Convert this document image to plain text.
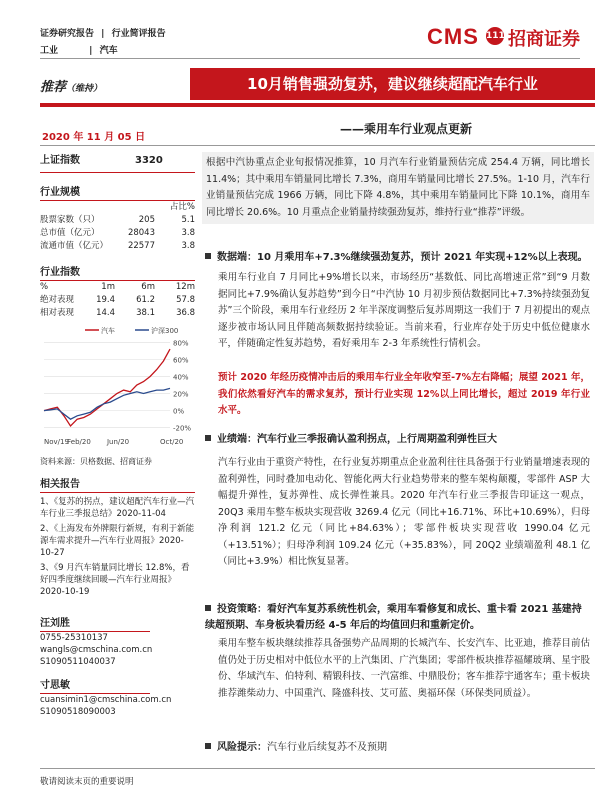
证券研究报告 | 行业简评报告
工业	| 汽车
CMS 111 招商证券
推荐（维持）	10月销售强劲复苏，建议继续超配汽车行业
2020 年 11 月 05 日
——乘用车行业观点更新
上证指数	3320
行业规模
占比%
股票家数（只）	205	5.1
总市值（亿元）	28043	3.8
流通市值（亿元）	22577	3.8
行业指数
%	1m	6m	12m
绝对表现	19.4	61.2	57.8
相对表现	14.4	38.1	36.8
80%
60%
40%
20%
0%
-20%
Nov/19
Feb/20 Jun/20	Oct/20
汽车	沪深300
资料来源：贝格数据、招商证券
相关报告
1、《复苏的拐点，建议超配汽车行业—汽车行业三季报总结》2020-11-04
2、《上海发布外牌限行新规，有利于新能源车需求提升—汽车行业周报》2020-10-27
3、《9 月汽车销量同比增长 12.8%，看好四季度继续回暖—汽车行业周报》2020-10-19
汪刘胜
0755-25310137
wangls@cmschina.com.cn
S1090511040037
寸思敏
cuansimin1@cmschina.com.cn
S1090518090003
根据中汽协重点企业旬报情况推算，10 月汽车行业销量预估完成 254.4 万辆，同比增长 11.4%；其中乘用车销量同比增长 7.3%，商用车销量同比增长 27.5%。1-10 月，汽车行业销量预估完成 1966 万辆，同比下降 4.8%，其中乘用车销量同比下降 10.1%，商用车同比增长 20.6%。10 月重点企业销量持续强劲复苏，维持行业“推荐”评级。
数据端：10 月乘用车+7.3%继续强劲复苏，预计 2021 年实现+12%以上表现。
乘用车行业自 7 月同比+9%增长以来，市场经历“基数低、同比高增速正常”到“9 月数据同比+7.9%确认复苏趋势”到今日“中汽协 10 月初步预估数据同比+7.3%持续强劲复苏”三个阶段，乘用车行业经历 2 年半深度调整后复苏周期这一我们于 7 月初提出的观点逐步被市场认同且伴随高频数据持续验证。当前来看，行业库存处于历史中低位健康水平，伴随确定性复苏趋势，看好乘用车 2-3 年系统性行情机会。
预计 2020 年经历疫情冲击后的乘用车行业全年收窄至-7%左右降幅；展望 2021 年，我们依然看好汽车的需求复苏，预计行业实现 12%以上同比增长，超过 2019 年行业水平。
业绩端：汽车行业三季报确认盈利拐点，上行周期盈利弹性巨大
汽车行业由于重资产特性，在行业复苏期重点企业盈利往往具备强于行业销量增速表现的盈利弹性，同时叠加电动化、智能化两大行业趋势带来的整车架构颠覆，零部件 ASP 大幅提升弹性，复苏弹性、成长弹性兼具。2020 年汽车行业三季报告印证这一观点，20Q3 乘用车整车板块实现营收 3269.4 亿元（同比+16.71%、环比+10.69%），归母净利润 121.2 亿元（同比+84.63%）；零部件板块实现营收 1990.04 亿元（+13.51%）；归母净利润 109.24 亿元（+35.83%），同 20Q2 业绩端盈利 48.1 亿（同比+3.9%）相比恢复显著。
投资策略：看好汽车复苏系统性机会，乘用车看修复和成长、重卡看 2021 基建持续超预期、车身板块看历经 4-5 年后的均值回归和重新定价。
乘用车整车板块继续推荐具备强势产品周期的长城汽车、长安汽车、比亚迪，推荐目前估值仍处于历史相对中低位水平的上汽集团、广汽集团；零部件板块推荐福耀玻璃、星宇股份、华域汽车、伯特利、精锻科技、一汽富维、中鼎股份；客车推荐宇通客车；重卡板块推荐潍柴动力、中国重汽、隆盛科技、艾可蓝、奥福环保（环保类同质益）。
风险提示：汽车行业后续复苏不及预期
敬请阅读末页的重要说明
